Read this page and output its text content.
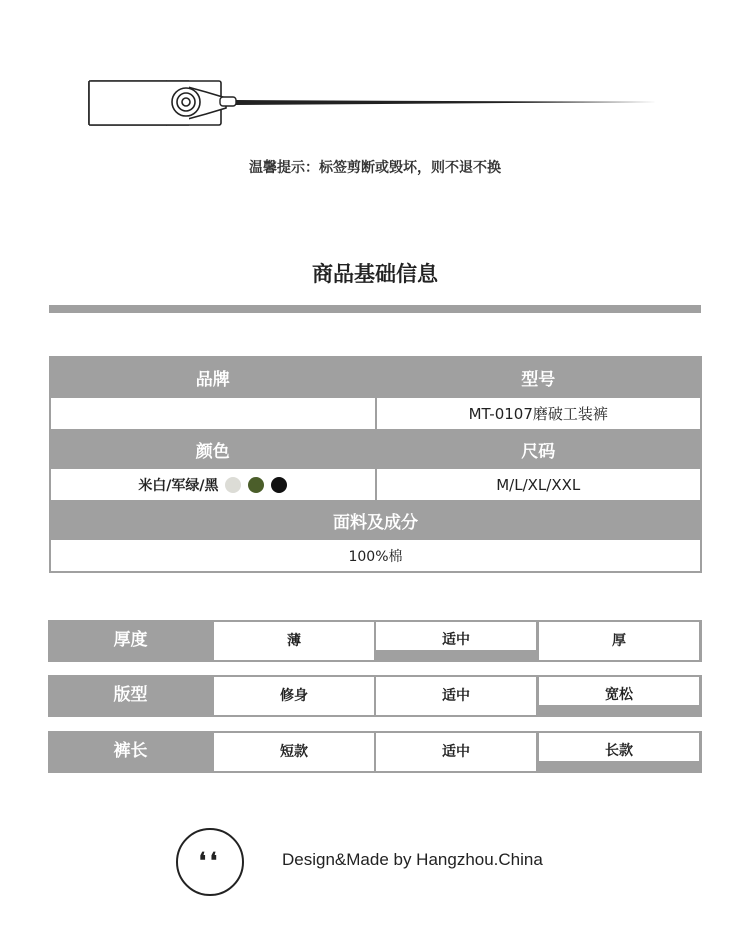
温馨提示：标签剪断或毁坏，则不退不换
商品基础信息
品牌	型号
	MT-0107磨破工装裤
颜色	尺码
米白/军绿/黑	M/L/XL/XXL
面料及成分	
100%棉	
厚度	薄	适中	厚
版型	修身	适中	宽松
裤长	短款	适中	长款
❛❛	Design&Made by Hangzhou.China
